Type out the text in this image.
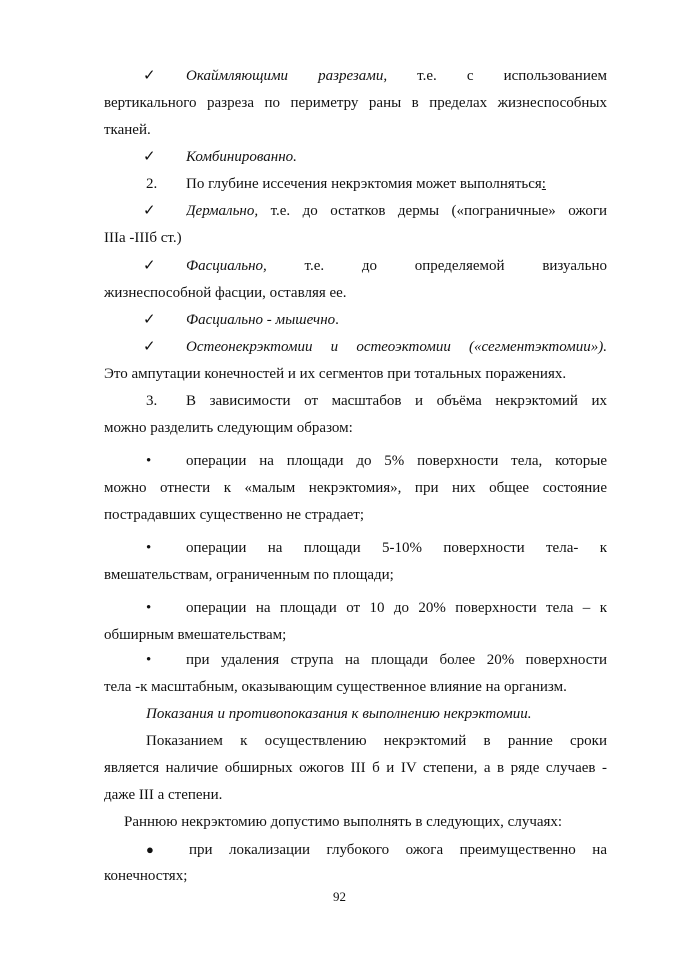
✓ Окаймляющими разрезами, т.е. с использованием
вертикального разреза по периметру раны в пределах жизнеспособных
тканей.
✓ Комбинированно.
2. По глубине иссечения некрэктомия может выполняться:
✓ Дермально, т.е. до остатков дермы («пограничные» ожоги
IIIa -IIIб ст.)
✓ Фасциально, т.е. до определяемой визуально
жизнеспособной фасции, оставляя ее.
✓ Фасциально - мышечно.
✓ Остеонекрэктомии и остеоэктомии («сегментэктомии»).
Это ампутации конечностей и их сегментов при тотальных поражениях.
3. В зависимости от масштабов и объёма некрэктомий их
можно разделить следующим образом:
• операции на площади до 5% поверхности тела, которые
можно отнести к «малым некрэктомия», при них общее состояние
пострадавших существенно не страдает;
• операции на площади 5-10% поверхности тела- к
вмешательствам, ограниченным по площади;
• операции на площади от 10 до 20% поверхности тела – к
обширным вмешательствам;
• при удаления струпа на площади более 20% поверхности
тела -к масштабным, оказывающим существенное влияние на организм.
Показания и противопоказания к выполнению некрэктомии.
Показанием к осуществлению некрэктомий в ранние сроки
является наличие обширных ожогов III б и IV степени, а в ряде случаев -
даже III а степени.
Раннюю некрэктомию допустимо выполнять в следующих, случаях:
● при локализации глубокого ожога преимущественно на
конечностях;
92
